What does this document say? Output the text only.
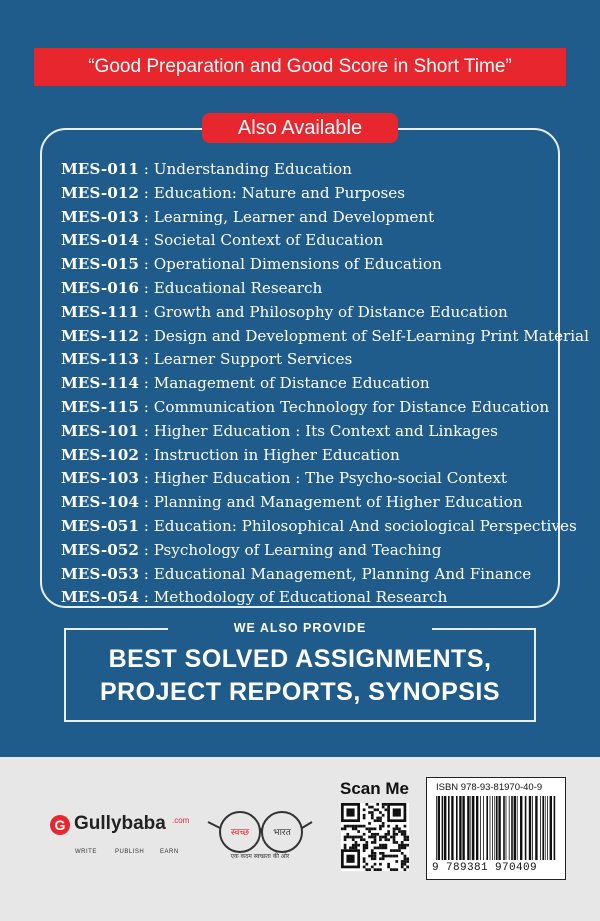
“Good Preparation and Good Score in Short Time”
Also Available
MES-011 : Understanding Education
MES-012 : Education: Nature and Purposes
MES-013 : Learning, Learner and Development
MES-014 : Societal Context of Education
MES-015 : Operational Dimensions of Education
MES-016 : Educational Research
MES-111 : Growth and Philosophy of Distance Education
MES-112 : Design and Development of Self-Learning Print Material
MES-113 : Learner Support Services
MES-114 : Management of Distance Education
MES-115 : Communication Technology for Distance Education
MES-101 : Higher Education : Its Context and Linkages
MES-102 : Instruction in Higher Education
MES-103 : Higher Education : The Psycho-social Context
MES-104 : Planning and Management of Higher Education
MES-051 : Education: Philosophical And sociological Perspectives
MES-052 : Psychology of Learning and Teaching
MES-053 : Educational Management, Planning And Finance
MES-054 : Methodology of Educational Research
WE ALSO PROVIDE
BEST SOLVED ASSIGNMENTS,
PROJECT REPORTS, SYNOPSIS
G Gullybaba .com
WRITE	PUBLISH	EARN
स्वच्छ	भारत
एक कदम स्वच्छता की ओर
Scan Me	ISBN 978-93-81970-40-9
9 789381 970409
